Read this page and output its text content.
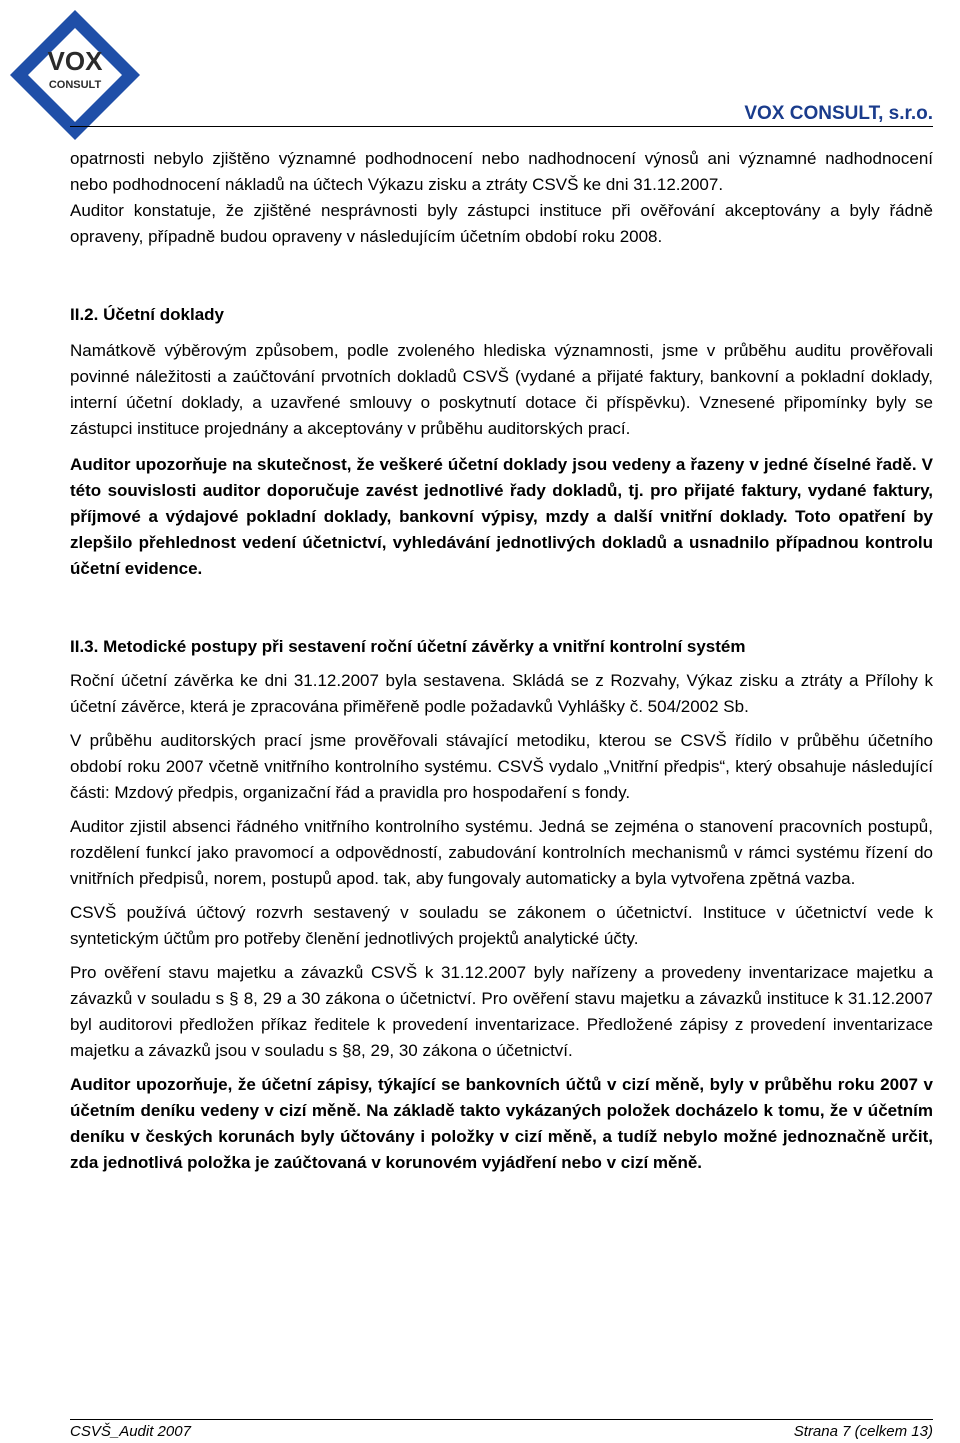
VOX
CONSULT
VOX CONSULT, s.r.o.

opatrnosti nebylo zjištěno významné podhodnocení nebo nadhodnocení výnosů ani významné nadhodnocení nebo podhodnocení nákladů na účtech Výkazu zisku a ztráty CSVŠ ke dni 31.12.2007.

Auditor konstatuje, že zjištěné nesprávnosti byly zástupci instituce při ověřování akceptovány a byly řádně opraveny, případně budou opraveny v následujícím účetním období roku 2008.

II.2. Účetní doklady

Namátkově výběrovým způsobem, podle zvoleného hlediska významnosti, jsme v průběhu auditu prověřovali povinné náležitosti a zaúčtování prvotních dokladů CSVŠ (vydané a přijaté faktury, bankovní a pokladní doklady, interní účetní doklady, a uzavřené smlouvy o poskytnutí dotace či příspěvku). Vznesené připomínky byly se zástupci instituce projednány a akceptovány v průběhu auditorských prací.

Auditor upozorňuje na skutečnost, že veškeré účetní doklady jsou vedeny a řazeny v jedné číselné řadě. V této souvislosti auditor doporučuje zavést jednotlivé řady dokladů, tj. pro přijaté faktury, vydané faktury, příjmové a výdajové pokladní doklady, bankovní výpisy, mzdy a další vnitřní doklady. Toto opatření by zlepšilo přehlednost vedení účetnictví, vyhledávání jednotlivých dokladů a usnadnilo případnou kontrolu účetní evidence.

II.3. Metodické postupy při sestavení roční účetní závěrky a vnitřní kontrolní systém

Roční účetní závěrka ke dni 31.12.2007 byla sestavena. Skládá se z Rozvahy, Výkaz zisku a ztráty a Přílohy k účetní závěrce, která je zpracována přiměřeně podle požadavků Vyhlášky č. 504/2002 Sb.

V průběhu auditorských prací jsme prověřovali stávající metodiku, kterou se CSVŠ řídilo v průběhu účetního období roku 2007 včetně vnitřního kontrolního systému. CSVŠ vydalo „Vnitřní předpis“, který obsahuje následující části: Mzdový předpis, organizační řád a pravidla pro hospodaření s fondy.

Auditor zjistil absenci řádného vnitřního kontrolního systému. Jedná se zejména o stanovení pracovních postupů, rozdělení funkcí jako pravomocí a odpovědností, zabudování kontrolních mechanismů v rámci systému řízení do vnitřních předpisů, norem, postupů apod. tak, aby fungovaly automaticky a byla vytvořena zpětná vazba.

CSVŠ používá účtový rozvrh sestavený v souladu se zákonem o účetnictví. Instituce v účetnictví vede k syntetickým účtům pro potřeby členění jednotlivých projektů analytické účty.

Pro ověření stavu majetku a závazků CSVŠ k 31.12.2007 byly nařízeny a provedeny inventarizace majetku a závazků v souladu s § 8, 29 a 30 zákona o účetnictví. Pro ověření stavu majetku a závazků instituce k 31.12.2007 byl auditorovi předložen příkaz ředitele k provedení inventarizace. Předložené zápisy z provedení inventarizace majetku a závazků jsou v souladu s §8, 29, 30 zákona o účetnictví.

Auditor upozorňuje, že účetní zápisy, týkající se bankovních účtů v cizí měně, byly v průběhu roku 2007 v účetním deníku vedeny v cizí měně. Na základě takto vykázaných položek docházelo k tomu, že v účetním deníku v českých korunách byly účtovány i položky v cizí měně, a tudíž nebylo možné jednoznačně určit, zda jednotlivá položka je zaúčtovaná v korunovém vyjádření nebo v cizí měně.

CSVŠ_Audit 2007	Strana 7 (celkem 13)
